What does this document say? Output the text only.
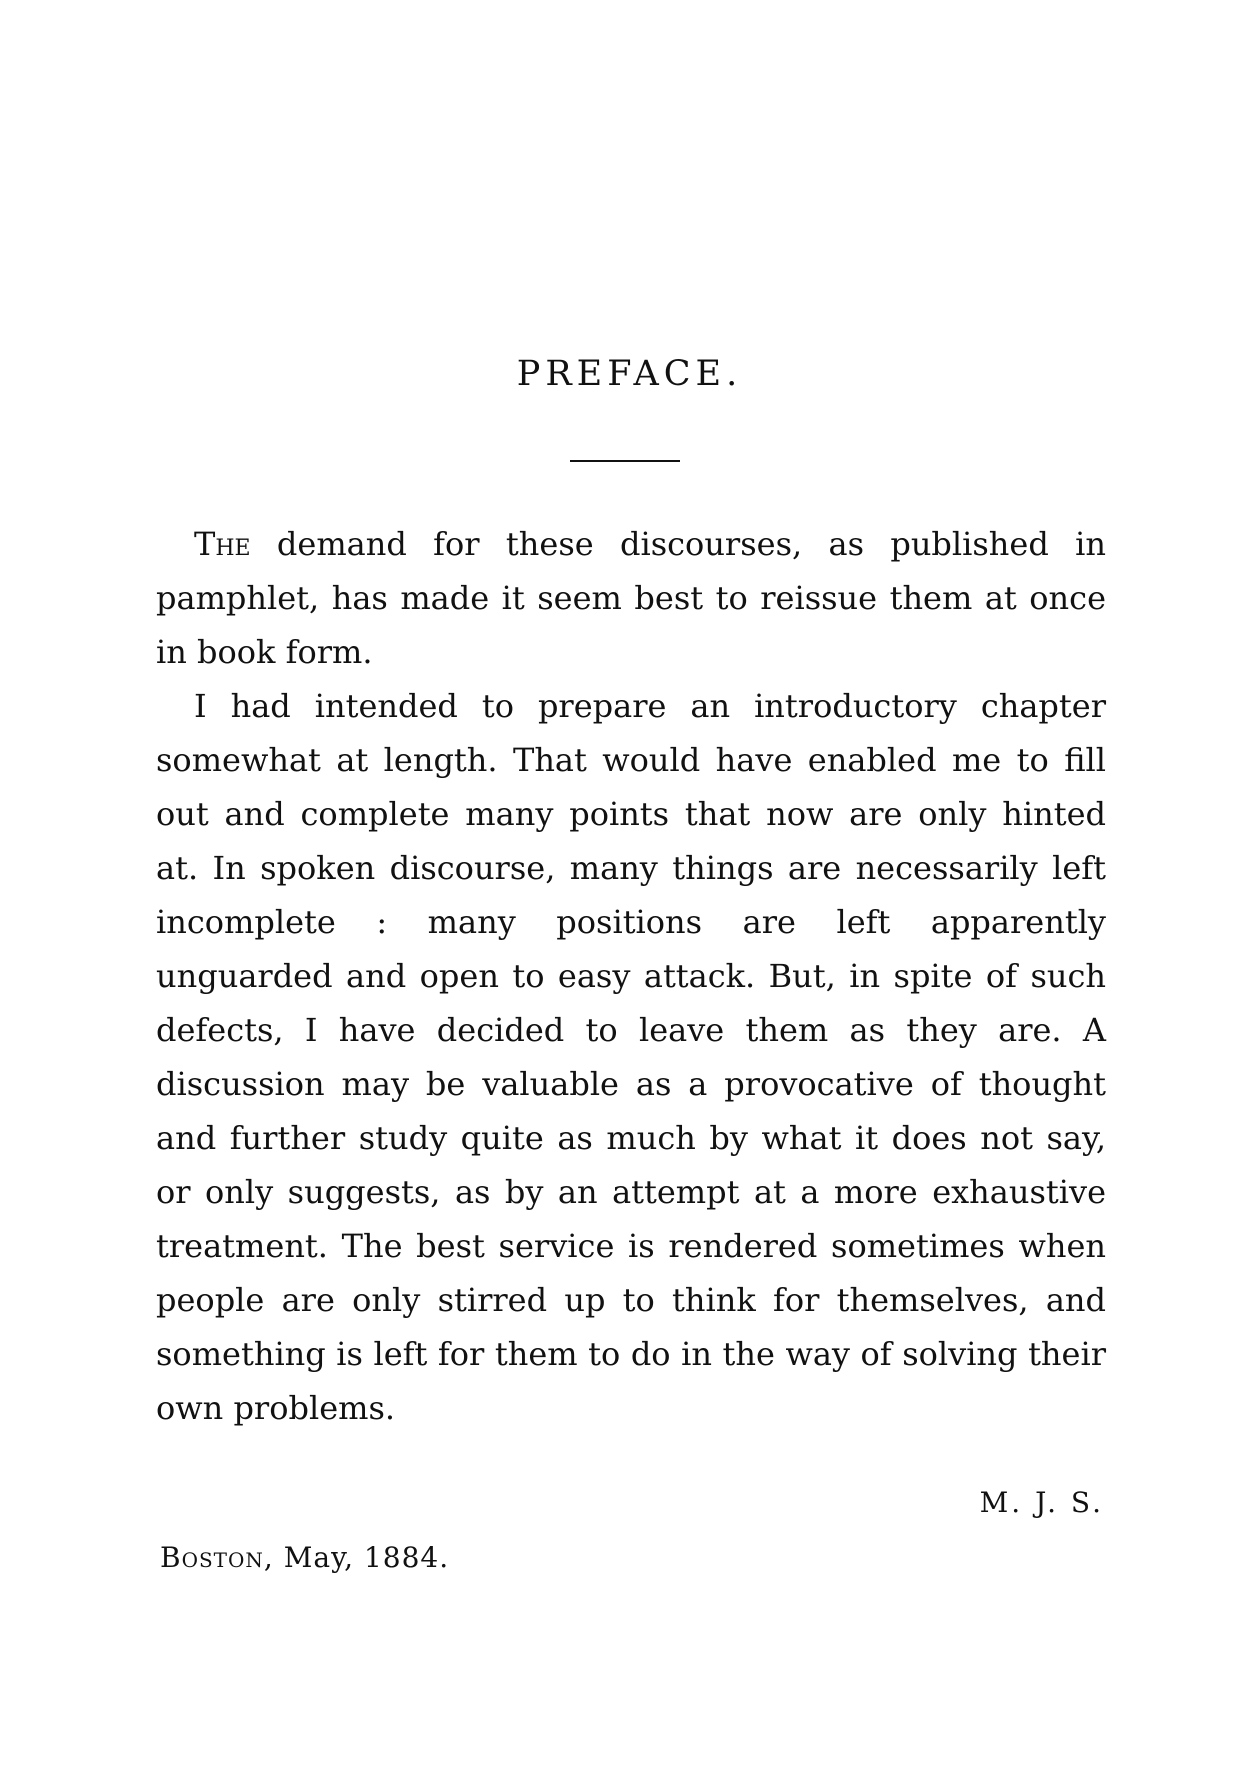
PREFACE.

The demand for these discourses, as published in pamphlet, has made it seem best to reissue them at once in book form.

I had intended to prepare an introductory chapter somewhat at length. That would have enabled me to fill out and complete many points that now are only hinted at. In spoken discourse, many things are necessarily left incomplete : many positions are left apparently unguarded and open to easy attack. But, in spite of such defects, I have decided to leave them as they are. A discussion may be valuable as a provocative of thought and further study quite as much by what it does not say, or only suggests, as by an attempt at a more exhaustive treatment. The best service is rendered sometimes when people are only stirred up to think for themselves, and something is left for them to do in the way of solving their own problems.

M. J. S.
Boston, May, 1884.
